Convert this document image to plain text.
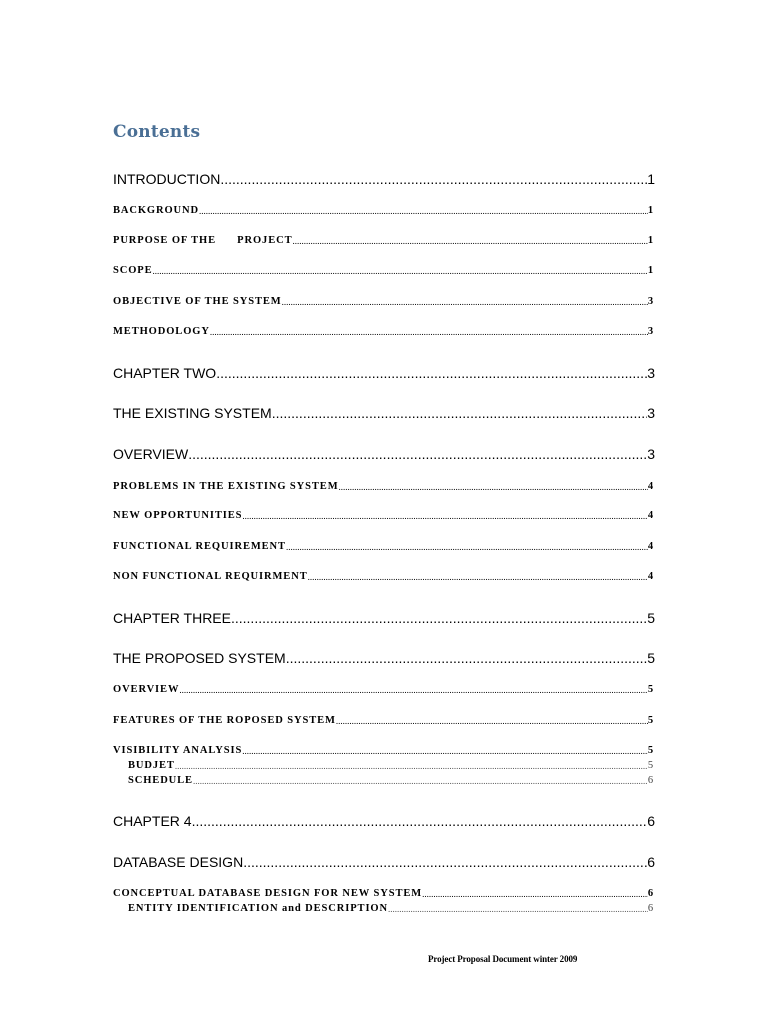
Contents
INTRODUCTION .....	1
BACKGROUND .....	1
PURPOSE OF THE      PROJECT .....	1
SCOPE .....	1
OBJECTIVE OF THE SYSTEM .....	3
METHODOLOGY .....	3
CHAPTER TWO .....	3
THE EXISTING SYSTEM .....	3
OVERVIEW .....	3
PROBLEMS IN THE EXISTING SYSTEM .....	4
NEW OPPORTUNITIES .....	4
FUNCTIONAL REQUIREMENT .....	4
NON FUNCTIONAL REQUIRMENT .....	4
CHAPTER THREE .....	5
THE PROPOSED SYSTEM .....	5
OVERVIEW .....	5
FEATURES OF THE ROPOSED SYSTEM .....	5
VISIBILITY ANALYSIS .....	5
BUDJET .....	5
SCHEDULE .....	6
CHAPTER 4 .....	6
DATABASE DESIGN .....	6
CONCEPTUAL DATABASE DESIGN FOR NEW SYSTEM .....	6
ENTITY IDENTIFICATION and DESCRIPTION .....	6
Project Proposal Document winter 2009
